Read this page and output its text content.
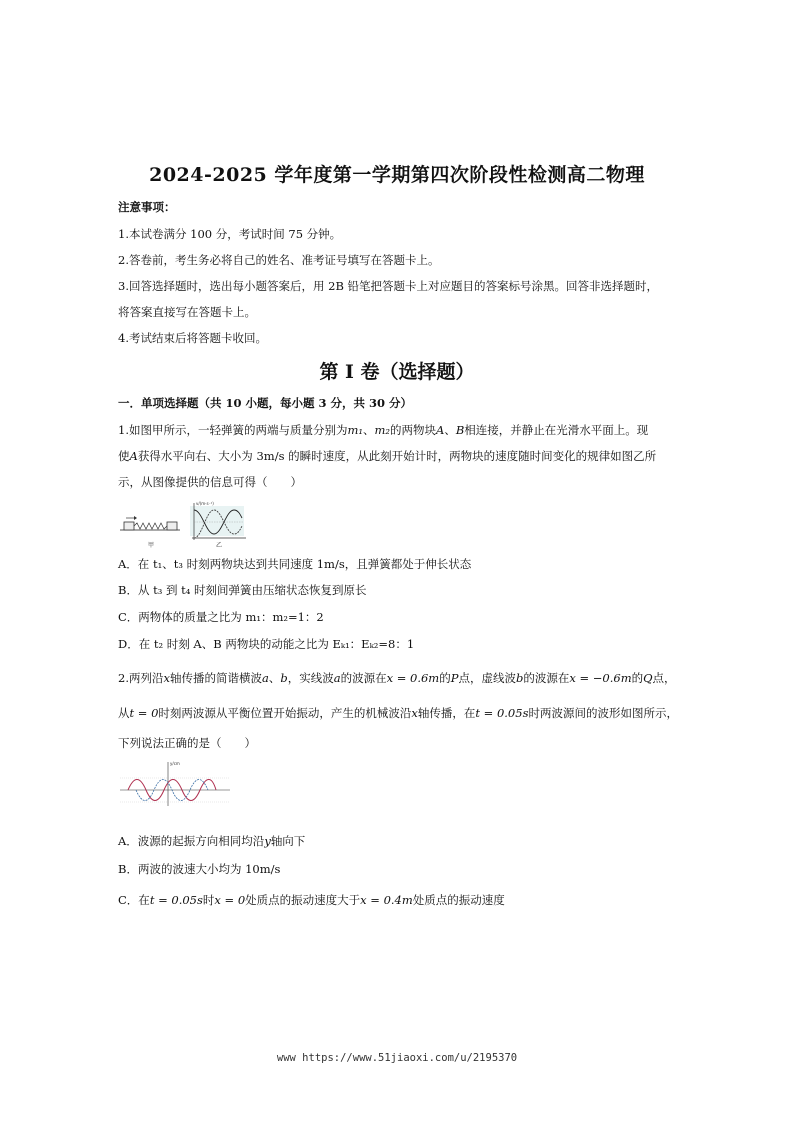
2024-2025 学年度第一学期第四次阶段性检测高二物理
注意事项：
1.本试卷满分 100 分，考试时间 75 分钟。
2.答卷前，考生务必将自己的姓名、准考证号填写在答题卡上。
3.回答选择题时，选出每小题答案后，用 2B 铅笔把答题卡上对应题目的答案标号涂黑。回答非选择题时，
将答案直接写在答题卡上。
4.考试结束后将答题卡收回。
第 I 卷（选择题）
一．单项选择题（共 10 小题，每小题 3 分，共 30 分）
1.如图甲所示，一轻弹簧的两端与质量分别为m₁、m₂的两物块A、B相连接，并静止在光滑水平面上。现
使A获得水平向右、大小为 3m/s 的瞬时速度，从此刻开始计时，两物块的速度随时间变化的规律如图乙所
示，从图像提供的信息可得（　　）
v/(m·s⁻¹)
甲	乙
A．在 t₁、t₃ 时刻两物块达到共同速度 1m/s，且弹簧都处于伸长状态
B．从 t₃ 到 t₄ 时刻间弹簧由压缩状态恢复到原长
C．两物体的质量之比为 m₁：m₂=1：2
D．在 t₂ 时刻 A、B 两物块的动能之比为 Eₖ₁：Eₖ₂=8：1
2.两列沿x轴传播的简谐横波a、b，实线波a的波源在x = 0.6m的P点，虚线波b的波源在x = −0.6m的Q点，
从t = 0时刻两波源从平衡位置开始振动，产生的机械波沿x轴传播，在t = 0.05s时两波源间的波形如图所示，
下列说法正确的是（　　）
y/cm
A．波源的起振方向相同均沿y轴向下
B．两波的波速大小均为 10m/s
C．在t = 0.05s时x = 0处质点的振动速度大于x = 0.4m处质点的振动速度
www https://www.51jiaoxi.com/u/2195370
